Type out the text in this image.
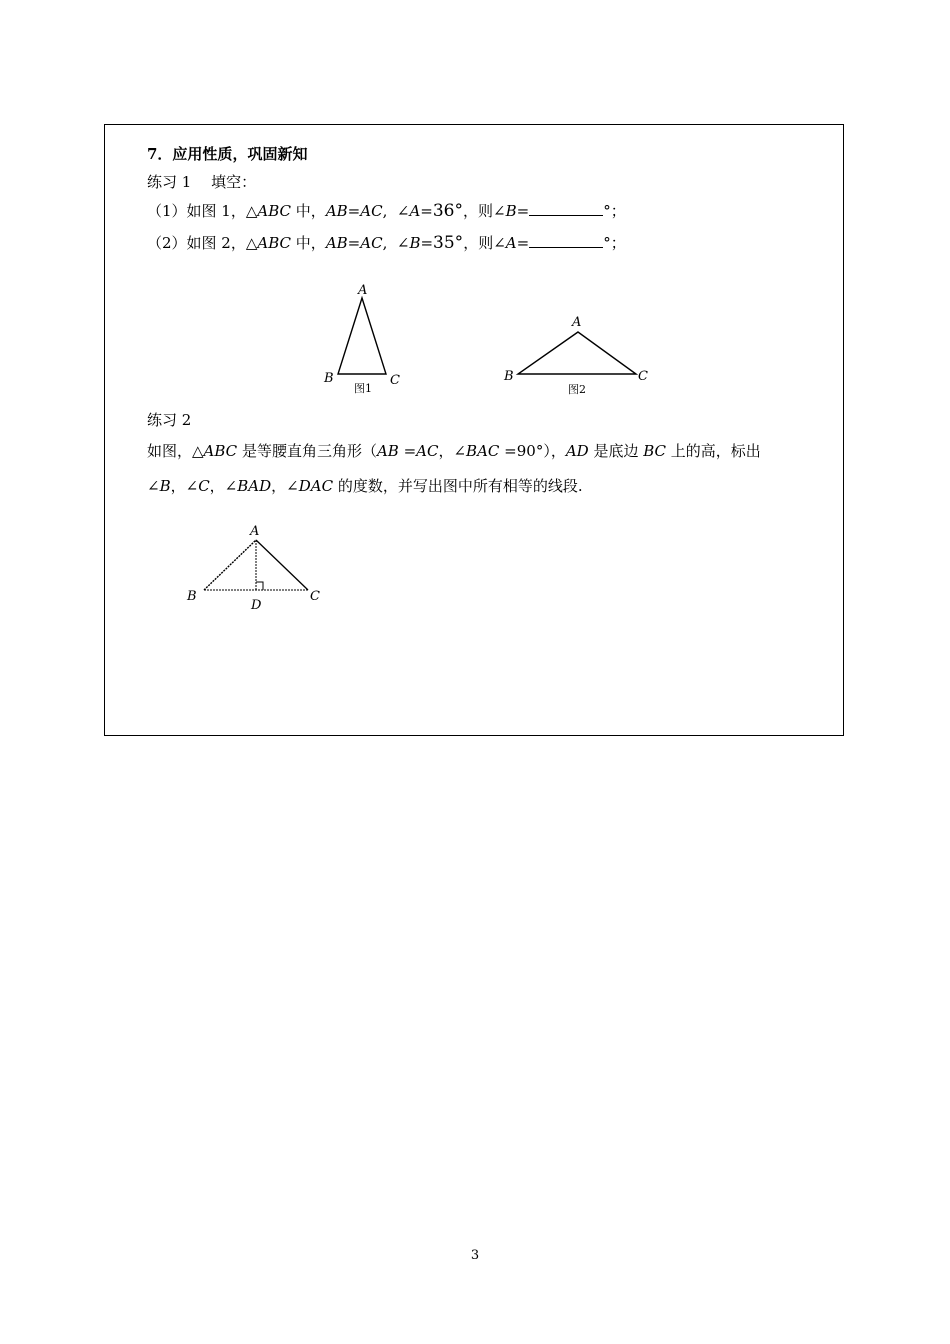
7．应用性质，巩固新知
练习 1　 填空：
（1）如图 1，△ABC 中，AB=AC,  ∠A=36°，则∠B=	°；
（2）如图 2，△ABC 中，AB=AC,  ∠B=35°，则∠A=	°；
A
B	C
图1
A
B	C
图2
练习 2
如图，△ABC 是等腰直角三角形（AB =AC，∠BAC =90°），AD 是底边 BC 上的高，标出
∠B，∠C，∠BAD，∠DAC 的度数，并写出图中所有相等的线段.
A
B	C
D
3
